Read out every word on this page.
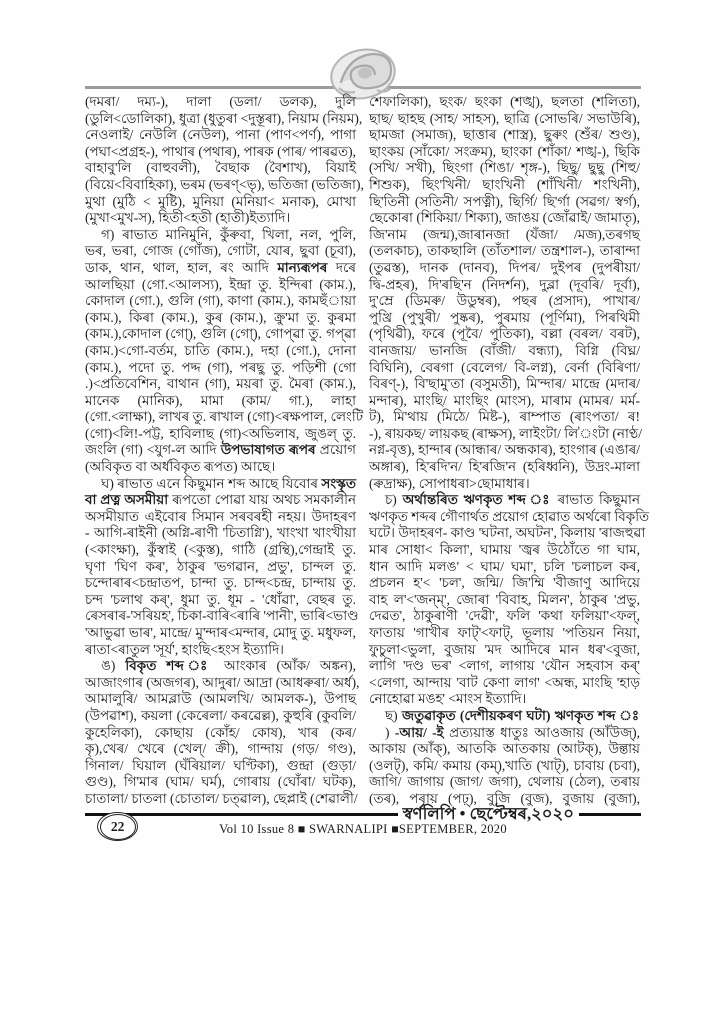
(দমৰা/ দম্য-), দালা (ডলা/ ডলক), দুলি
(ডুলি<ডোলিকা), ধুত্ৰা (ধুতুৰা <দুস্তূৰা), নিয়াম (নিয়ম),
নেওলাই/ নেউলি (নেউল), পানা (পাণ<পৰ্ণ), পাগা
(পঘা<প্ৰগ্ৰহ-), পাথাৰ (পথাৰ), পাৰক (পাৰ/ পাৰৱত),
বাহাবু'লি (বাহুবলী), বৈছাক (বৈশাখ), বিয়াই
(বিয়ে<বিবাহিকা), ভৰম (ভৰণ্<ভৃ), ভতিজা (ভতিজা),
মুথা (মুঠি < মুষ্টি), মুনিয়া (মনিয়া< মনাক), মোখা
(মুখা<মুখ-স), হিতী<হতী (হাতী)ইত্যাদি।
গ) ৰাভাত মানিমুনি, কুঁৰুবা, খিলা, নল, পুলি,
ভৰ, ভৰা, গোজ (গোঁজ), গোটা, যোৰ, ছুবা (চূবা),
ডাক, থান, থাল, হাল, ৰং আদি মান্যৰূপৰ দৰে
আলছিয়া (গো.<আলস্য), ইন্দ্ৰা তু. ইন্দিৰা (কাম.),
কোদাল (গো.), গুলি (গা), কাণা (কাম.), কামছঁায়া
(কাম.), কিৰা (কাম.), কুৰ (কাম.), ক্ৰু'মা তু. কুৰমা
(কাম.),কোদাল (গো্), গুলি (গো্), গোপ্ৱা তু. গপ্ৱা
(কাম.)<গো-বৰ্তম, চাতি (কাম.), দহা (গো.), দোনা
(কাম.), পদো তু. পদ্দ (গা), পৰছু তু. পড়িশী (গো
.)<প্ৰতিবেশিন, বাথান (গা), ময়ৰা তু. মৈৰা (কাম.),
মানেক (মানিক), মামা (কাম/ গা.), লাহা
(গো.<লাক্ষা), লাখৰ তু. ৰাখাল (গো)<ৰক্ষপাল, লেংটি
(গো)<লি!-পট্ট, হাবিলাছ (গা)<অভিলাষ, জুঙল্ তু.
জংলি (গা) <যুগ-ল আদি উপভাষাগত ৰূপৰ প্ৰয়োগ
(অবিকৃত বা অৰ্ধবিকৃত ৰূপত) আছে।
ঘ) ৰাভাত এনে কিছুমান শব্দ আছে যিবোৰ সংস্কৃত
বা প্ৰত্ন অসমীয়া ৰূপতো পোৱা যায় অথচ সমকালীন
অসমীয়াত এইবোৰ সিমান সৰবৰহী নহয়। উদাহৰণ
- আগি-ৰাইনী (অগ্নি-ৰাণী 'চিতাগ্নি'), খাংখা খাংখীয়া
(<কাংক্ষা), কুঁস্বাই (<কুস্ত), গাঠি (গ্ৰন্থি),গেন্দ্ৰাই তু.
ঘৃণা 'ঘিণ কৰ', ঠাকুৰ 'ভগৱান, প্ৰভু', চান্দল তু.
চন্দোৰাৰ<চন্দ্ৰাতপ, চান্দা তু. চান্দ<চন্দ্ৰ, চান্দায় তু.
চন্দ 'চলাথ কৰ্', ধুমা তু. ধূম - 'ধোঁৱা', বেছৰ তু.
ৰেসৰাৰ-'সৰিয়হ', চিকা-বাৰি<ৰাৰি 'পানী', ভাৰি<ভাণ্ড
'আভুৱা ভাৰ', মান্দ্ৰে/ মু'ন্দাৰ<মন্দাৰ, মোদু তু. মধুফল,
ৰাতা<ৰাতুল 'সূৰ্য', হাংছি<হংস ইত্যাদি।
ঙ) বিকৃত শব্দ ঃ আংকাৰ (আঁক/ অঙ্কন),
আজাংগাৰ (অজগৰ), আদুৰা/ আদ্ৰা (আধৰুৰা/ অৰ্ধ),
আমালুৰি/ আমব্লাউ (আমলখি/ আমলক-), উপাছ
(উপৱাশ), কয়লা (কেৰেলা/ কৰৱেল্ল), কুহুৰি (কুবলি/
কুহেলিকা), কোছায় (কোঁহ/ কোষ), খাৰ (কৰ/
কৃ),খেৰ/ খেৰে (খেল্/ ক্ৰী), গান্দায় (গড়/ গণ্ড),
গিনাল/ ঘিয়াল (ঘঁৰিয়াল/ ঘণ্টিকা), গুন্দ্ৰা (গুড়া/
গুণ্ড), গি'মাৰ (ঘাম/ ঘৰ্ম), গোৰায় (ঘোঁৰা/ ঘটক),
চাতালা/ চাতলা (চোতাল/ চত্ৱাল), ছেপ্লাই (শেৱালী/
শেফালিকা), ছংক/ ছংকা (শঙ্খ), ছলতা (শলিতা),
ছাছ/ ছাহছ (সাহ/ সাহস), ছাত্ৰি (সোভৰি/ সভাউৰি),
ছামজা (সমাজ), ছাত্তাৰ (শাস্ত্ৰ), ছুৰুং (শুঁৰ/ শুণ্ড),
ছাংকয় (সাঁকো/ সংক্ৰম), ছাংকা (শাঁকা/ শঙ্খ-), ছিকি
(সখি/ সখী), ছিংগা (শিঙা/ শৃঙ্গ-), ছিছু/ ছুছু (শিহু/
শিশুক), ছিং'খিনী/ ছাংখিনী (শাঁখিনী/ শংখিনী),
ছি'তিনী (সতিনী/ সপত্নী), ছিৰ্গি/ ছি'ৰ্গা (সৱগ/ স্বৰ্গ),
ছেকোৰা (শিকিয়া/ শিক্যা), জাঙয় (জোঁৱাই/ জামাতৃ),
জি'নাম (জন্ম),জাৰানজা (যঁজা/ /মজ),তৰগছ
(তলকাচ), তাকছালি (তাঁতশাল/ তন্ত্ৰশাল-), তাৰান্দা
(তুৱস্ত), দানক (দানব), দিপৰ/ দুইপৰ (দুপৰীয়া/
দ্বি-প্ৰহৰ), দি'ৰছি'ন (নিদৰ্শন), দুব্লা (দূবৰি/ দূৰ্বা),
দু'ম্ৰে (ডিমৰু/ উডুম্বৰ), পছৰ (প্ৰসাদ), পাখাৰ/
পুখ্ৰি (পুখুৰী/ পুষ্কৰ), পুৰমায় (পূৰ্ণিমা), পিৰথিমী
(পৃথিৱী), ফৰে (পূবৈ/ পুতিকা), বল্লা (বৰল/ বৰট),
বানজায়/ ভানজি (বাঁজী/ বন্ধ্যা), বিগ্নি (বিঘ্ন/
বিঘিনি), বেৰগা (বেলেগ/ বি-লগ্ন), বেৰ্না (বিৰিণা/
বিৰণ্-), বি'ছামু'তা (বসুমতী), মি'ন্দাৰ/ মান্দ্ৰে (মদাৰ/
মন্দাৰ), মাংছি/ মাংছিং (মাংস), মাৰাম (মামৰ/ মৰ্ম-
ট), মি'থায় (মিঠে/ মিষ্ট-), ৰাম্পাত (ৰাংপতা/ ৰ!
-), ৰায়কছ/ লায়কছ (ৰাক্ষস), লাইংটা/ লি'ংটা (নাণ্ঠ/
নগ্ন-বৃত্ত), হান্দাৰ (আন্ধাৰ/ অন্ধকাৰ), হাংগাৰ (এঙাৰ/
অঙ্গাৰ), হি'ৰদি'ন/ হি'ৰজি'ন (হৰিধ্বনি), উদ্ৰং-মালা
(ৰুদ্ৰাক্ষ), সোপাধৰা>ছোমাধাৰ।
চ) অৰ্থান্তৰিত ঋণকৃত শব্দ ঃ ৰাভাত কিছুমান
ঋণকৃত শব্দৰ গৌণাৰ্থত প্ৰয়োগ হোৱাত অৰ্থৰো বিকৃতি
ঘটে। উদাহৰণ- কাণ্ড 'ঘটনা, অঘটন', কিলায় 'ৰাজহুৱা
মাৰ সোধা< কিলা', ঘামায় 'জ্বৰ উঠোঁতে গা ঘাম,
ধান আদি মলঙ' < ঘাম/ ঘমা', চলি 'চলাচল কৰ,
প্ৰচলন হ'< 'চল', জন্মি/ জি'ম্মি 'বীজাণু আদিয়ে
বাহ ল'<'জন্ম্', জোৰা 'বিবাহ, মিলন', ঠাকুৰ 'প্ৰভু,
দেৱত', ঠাকুৰাণী 'দেৱী', ফলি 'কথা ফলিয়া'<ফল্,
ফাতায় 'গাখীৰ ফাট্'<ফাট্, ভূলায় 'পতিয়ন নিয়া,
ফুচুলা<ভুলা, বুজায় 'মদ আদিৰে মান ধৰ'<বুজা,
লাগি 'দণ্ড ভৰ' <লাগ, লাগায় 'যৌন সহবাস কৰ্'
<লেগা, আন্দায় 'বাট কেণা লাগ' <অন্ধ, মাংছি 'হাড়
নোহোৱা মঙহ' <মাংস ইত্যাদি।
ছ) জতুৱাকৃত (দেশীয়কৰণ ঘটা) ঋণকৃত শব্দ ঃ
) -আয়/ -ই প্ৰত্যয়াস্ত ধাতুঃ আওজায় (আঁউজ্),
আকায় (আঁক্), আতকি আতকায় (আটক্), উল্তায়
(ওলট্), কমি/ কমায় (কম্),খাতি (খাট্), চাবায় (চবা),
জাগি/ জাগায় (জাগ/ জগা), থেলায় (ঠেল), তৰায়
(তৰ), পৰায় (পঢ়্), বুজি (বুজ), বুজায় (বুজা),
স্বৰ্ণলিপি • ছেপ্টেম্বৰ,২০২০
22	Vol 10 Issue 8 ■ SWARNALIPI ■SEPTEMBER, 2020
